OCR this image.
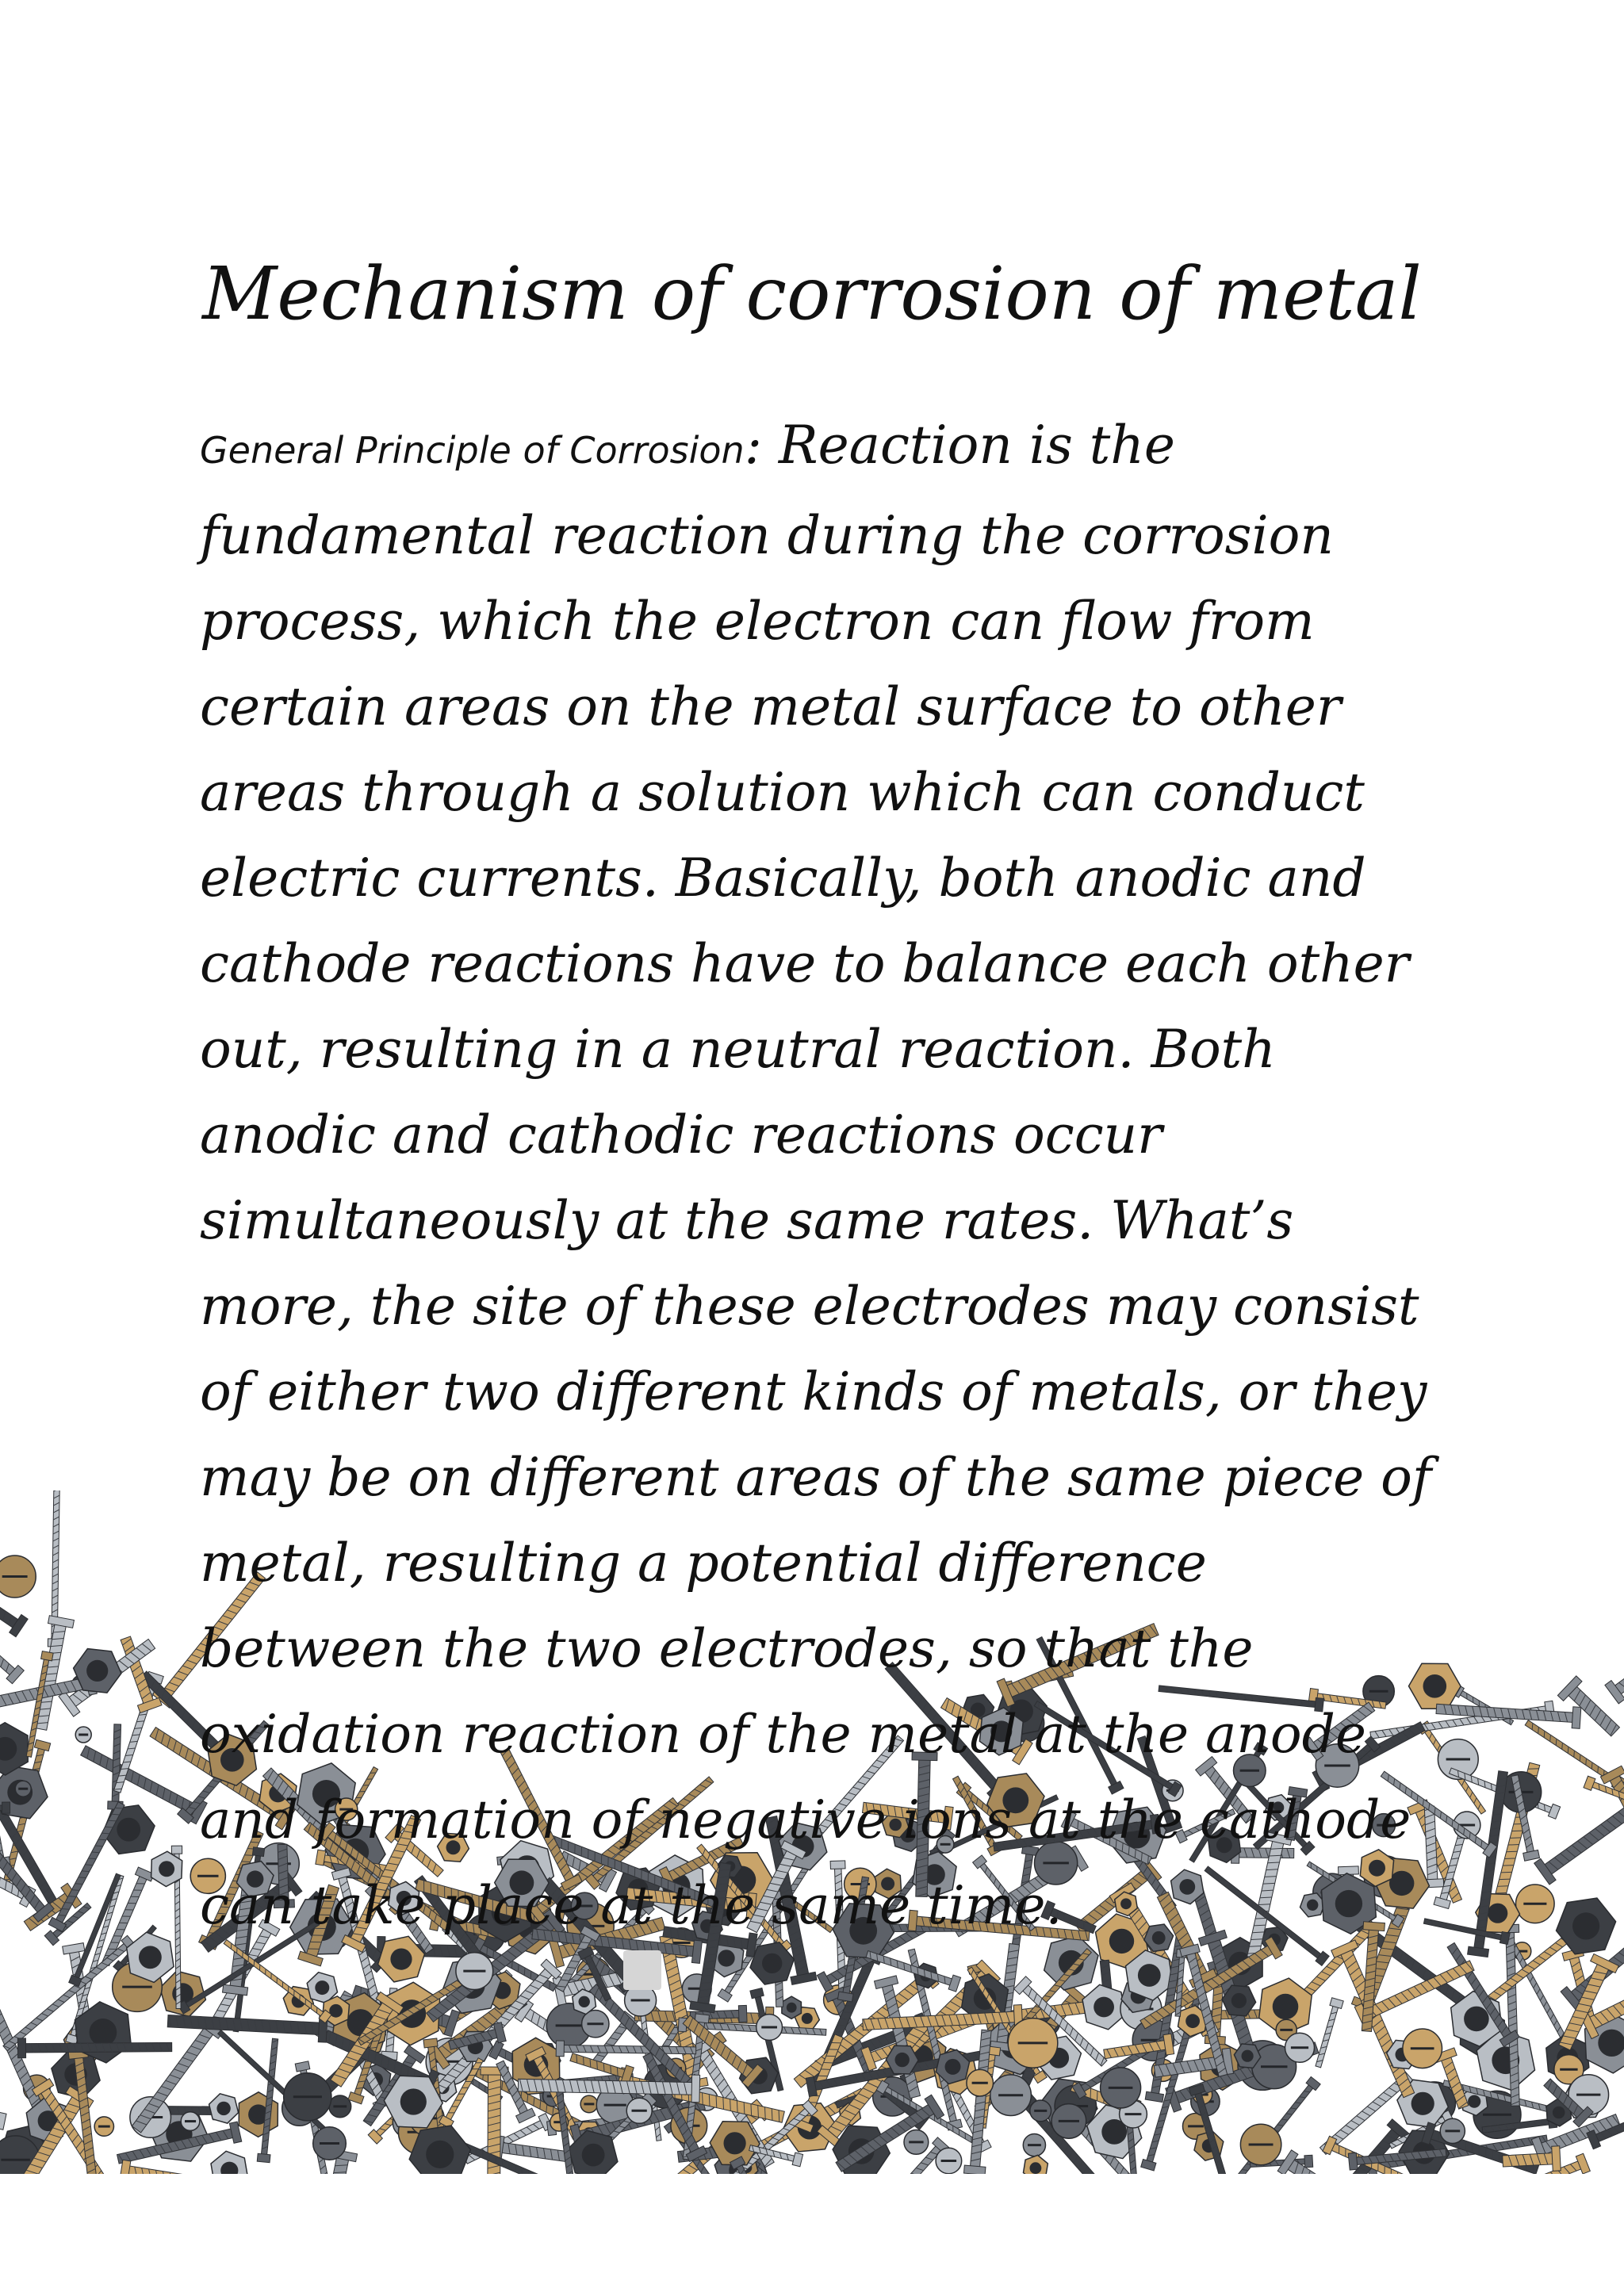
Mechanism of corrosion of metal

General Principle of Corrosion: Reaction is the fundamental reaction during the corrosion process, which the electron can flow from certain areas on the metal surface to other areas through a solution which can conduct electric currents. Basically, both anodic and cathode reactions have to balance each other out, resulting in a neutral reaction. Both anodic and cathodic reactions occur simultaneously at the same rates. What’s more, the site of these electrodes may consist of either two different kinds of metals, or they may be on different areas of the same piece of metal, resulting a potential difference between the two electrodes, so that the oxidation reaction of the metal at the anode and formation of negative ions at the cathode can take place at the same time.
